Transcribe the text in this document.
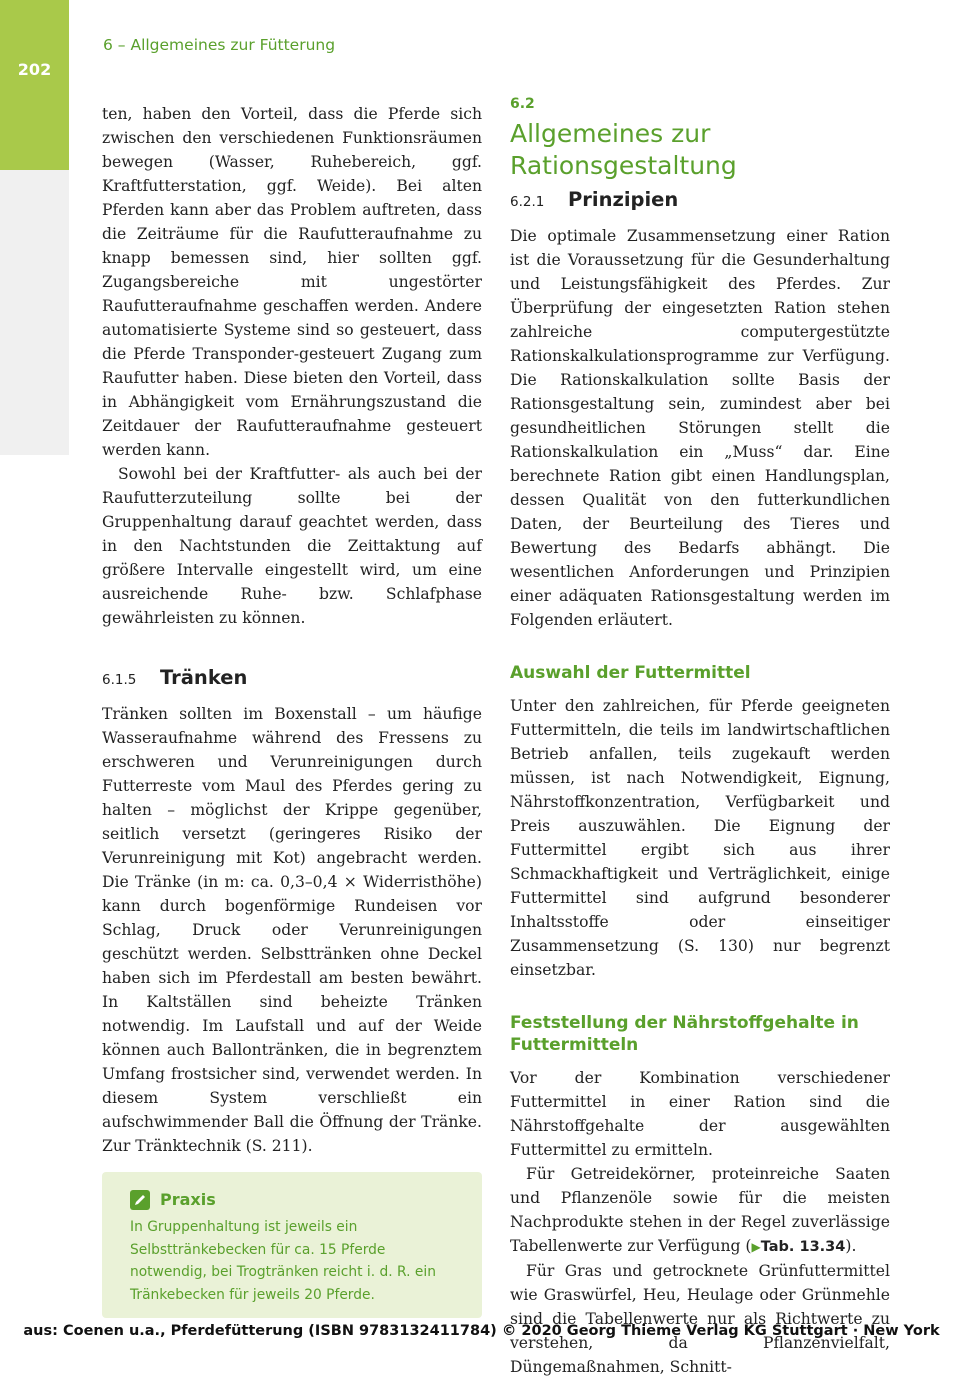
202
6 – Allgemeines zur Fütterung

ten, haben den Vorteil, dass die Pferde sich zwischen den verschiedenen Funktionsräumen bewegen (Wasser, Ruhebereich, ggf. Kraftfutterstation, ggf. Weide). Bei alten Pferden kann aber das Problem auftreten, dass die Zeiträume für die Raufutteraufnahme zu knapp bemessen sind, hier sollten ggf. Zugangsbereiche mit ungestörter Raufutteraufnahme geschaffen werden. Andere automatisierte Systeme sind so gesteuert, dass die Pferde Transponder-gesteuert Zugang zum Raufutter haben. Diese bieten den Vorteil, dass in Abhängigkeit vom Ernährungszustand die Zeitdauer der Raufutteraufnahme gesteuert werden kann.

Sowohl bei der Kraftfutter- als auch bei der Raufutterzuteilung sollte bei der Gruppenhaltung darauf geachtet werden, dass in den Nachtstunden die Zeittaktung auf größere Intervalle eingestellt wird, um eine ausreichende Ruhe- bzw. Schlafphase gewährleisten zu können.

6.1.5	Tränken

Tränken sollten im Boxenstall – um häufige Wasseraufnahme während des Fressens zu erschweren und Verunreinigungen durch Futterreste vom Maul des Pferdes gering zu halten – möglichst der Krippe gegenüber, seitlich versetzt (geringeres Risiko der Verunreinigung mit Kot) angebracht werden. Die Tränke (in m: ca. 0,3–0,4 × Widerristhöhe) kann durch bogenförmige Rundeisen vor Schlag, Druck oder Verunreinigungen geschützt werden. Selbsttränken ohne Deckel haben sich im Pferdestall am besten bewährt. In Kaltställen sind beheizte Tränken notwendig. Im Laufstall und auf der Weide können auch Ballontränken, die in begrenztem Umfang frostsicher sind, verwendet werden. In diesem System verschließt ein aufschwimmender Ball die Öffnung der Tränke. Zur Tränktechnik (S. 211).

Praxis
In Gruppenhaltung ist jeweils ein Selbsttränkebecken für ca. 15 Pferde notwendig, bei Trogtränken reicht i. d. R. ein Tränkebecken für jeweils 20 Pferde.
6.2
Allgemeines zur Rationsgestaltung
6.2.1	Prinzipien

Die optimale Zusammensetzung einer Ration ist die Voraussetzung für die Gesunderhaltung und Leistungsfähigkeit des Pferdes. Zur Überprüfung der eingesetzten Ration stehen zahlreiche computergestützte Rationskalkulationsprogramme zur Verfügung. Die Rationskalkulation sollte Basis der Rationsgestaltung sein, zumindest aber bei gesundheitlichen Störungen stellt die Rationskalkulation ein „Muss“ dar. Eine berechnete Ration gibt einen Handlungsplan, dessen Qualität von den futterkundlichen Daten, der Beurteilung des Tieres und Bewertung des Bedarfs abhängt. Die wesentlichen Anforderungen und Prinzipien einer adäquaten Rationsgestaltung werden im Folgenden erläutert.

Auswahl der Futtermittel

Unter den zahlreichen, für Pferde geeigneten Futtermitteln, die teils im landwirtschaftlichen Betrieb anfallen, teils zugekauft werden müssen, ist nach Notwendigkeit, Eignung, Nährstoffkonzentration, Verfügbarkeit und Preis auszuwählen. Die Eignung der Futtermittel ergibt sich aus ihrer Schmackhaftigkeit und Verträglichkeit, einige Futtermittel sind aufgrund besonderer Inhaltsstoffe oder einseitiger Zusammensetzung (S. 130) nur begrenzt einsetzbar.

Feststellung der Nährstoffgehalte in Futtermitteln

Vor der Kombination verschiedener Futtermittel in einer Ration sind die Nährstoffgehalte der ausgewählten Futtermittel zu ermitteln.

Für Getreidekörner, proteinreiche Saaten und Pflanzenöle sowie für die meisten Nachprodukte stehen in der Regel zuverlässige Tabellenwerte zur Verfügung (▶Tab. 13.34).

Für Gras und getrocknete Grünfuttermittel wie Graswürfel, Heu, Heulage oder Grünmehle sind die Tabellenwerte nur als Richtwerte zu verstehen, da Pflanzenvielfalt, Düngemaßnahmen, Schnitt-

aus: Coenen u.a., Pferdefütterung (ISBN 9783132411784) © 2020 Georg Thieme Verlag KG Stuttgart · New York
